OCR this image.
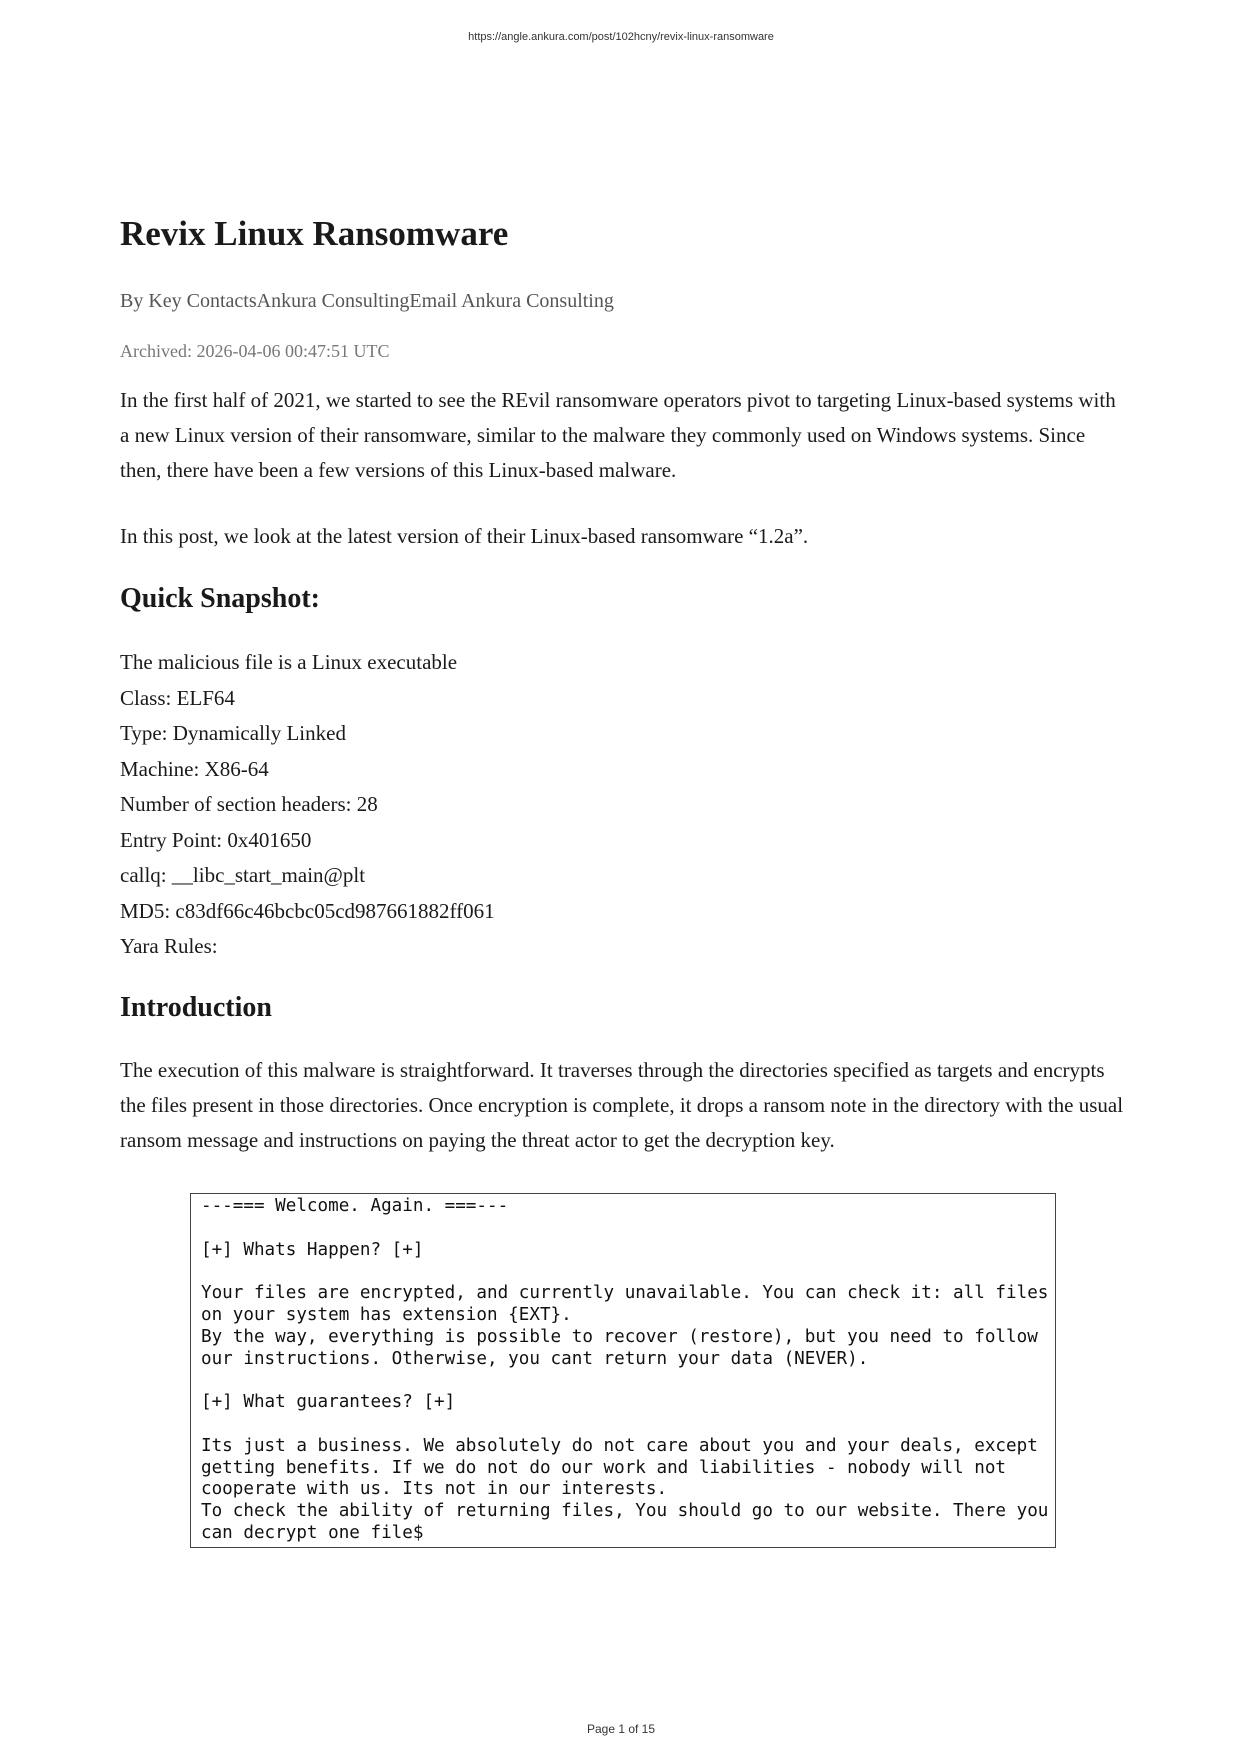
https://angle.ankura.com/post/102hcny/revix-linux-ransomware
Revix Linux Ransomware
By Key ContactsAnkura ConsultingEmail Ankura Consulting
Archived: 2026-04-06 00:47:51 UTC

In the first half of 2021, we started to see the REvil ransomware operators pivot to targeting Linux-based systems with a new Linux version of their ransomware, similar to the malware they commonly used on Windows systems. Since then, there have been a few versions of this Linux-based malware.

In this post, we look at the latest version of their Linux-based ransomware “1.2a”.

Quick Snapshot:
The malicious file is a Linux executable
Class: ELF64
Type: Dynamically Linked
Machine: X86-64
Number of section headers: 28
Entry Point: 0x401650
callq: __libc_start_main@plt
MD5: c83df66c46bcbc05cd987661882ff061
Yara Rules:
Introduction

The execution of this malware is straightforward. It traverses through the directories specified as targets and encrypts the files present in those directories. Once encryption is complete, it drops a ransom note in the directory with the usual ransom message and instructions on paying the threat actor to get the decryption key.

---=== Welcome. Again. ===---

[+] Whats Happen? [+]

Your files are encrypted, and currently unavailable. You can check it: all files
on your system has extension {EXT}.
By the way, everything is possible to recover (restore), but you need to follow
our instructions. Otherwise, you cant return your data (NEVER).

[+] What guarantees? [+]

Its just a business. We absolutely do not care about you and your deals, except
getting benefits. If we do not do our work and liabilities - nobody will not
cooperate with us. Its not in our interests.
To check the ability of returning files, You should go to our website. There you
can decrypt one file$
Page 1 of 15
